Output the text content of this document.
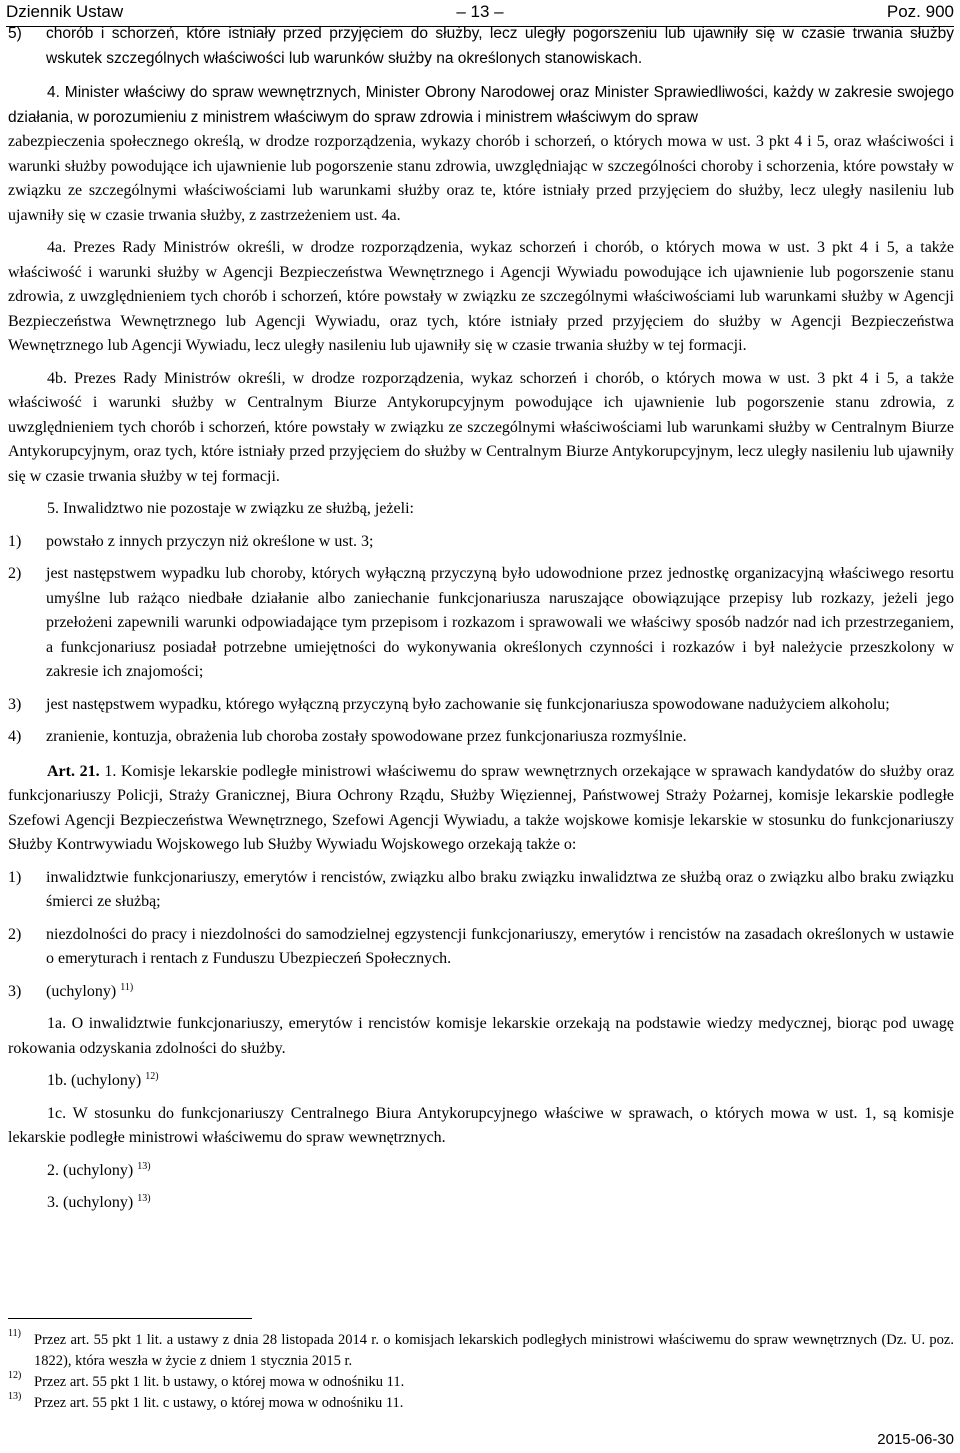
Dziennik Ustaw	– 13 –	Poz. 900
5) chorób i schorzeń, które istniały przed przyjęciem do służby, lecz uległy pogorszeniu lub ujawniły się w czasie trwania służby wskutek szczególnych właściwości lub warunków służby na określonych stanowiskach.

4. Minister właściwy do spraw wewnętrznych, Minister Obrony Narodowej oraz Minister Sprawiedliwości, każdy w zakresie swojego działania, w porozumieniu z ministrem właściwym do spraw zdrowia i ministrem właściwym do spraw

zabezpieczenia społecznego określą, w drodze rozporządzenia, wykazy chorób i schorzeń, o których mowa w ust. 3 pkt 4 i 5, oraz właściwości i warunki służby powodujące ich ujawnienie lub pogorszenie stanu zdrowia, uwzględniając w szczególności choroby i schorzenia, które powstały w związku ze szczególnymi właściwościami lub warunkami służby oraz te, które istniały przed przyjęciem do służby, lecz uległy nasileniu lub ujawniły się w czasie trwania służby, z zastrzeżeniem ust. 4a.

4a. Prezes Rady Ministrów określi, w drodze rozporządzenia, wykaz schorzeń i chorób, o których mowa w ust. 3 pkt 4 i 5, a także właściwość i warunki służby w Agencji Bezpieczeństwa Wewnętrznego i Agencji Wywiadu powodujące ich ujawnienie lub pogorszenie stanu zdrowia, z uwzględnieniem tych chorób i schorzeń, które powstały w związku ze szczególnymi właściwościami lub warunkami służby w Agencji Bezpieczeństwa Wewnętrznego lub Agencji Wywiadu, oraz tych, które istniały przed przyjęciem do służby w Agencji Bezpieczeństwa Wewnętrznego lub Agencji Wywiadu, lecz uległy nasileniu lub ujawniły się w czasie trwania służby w tej formacji.

4b. Prezes Rady Ministrów określi, w drodze rozporządzenia, wykaz schorzeń i chorób, o których mowa w ust. 3 pkt 4 i 5, a także właściwość i warunki służby w Centralnym Biurze Antykorupcyjnym powodujące ich ujawnienie lub pogorszenie stanu zdrowia, z uwzględnieniem tych chorób i schorzeń, które powstały w związku ze szczególnymi właściwościami lub warunkami służby w Centralnym Biurze Antykorupcyjnym, oraz tych, które istniały przed przyjęciem do służby w Centralnym Biurze Antykorupcyjnym, lecz uległy nasileniu lub ujawniły się w czasie trwania służby w tej formacji.

5. Inwalidztwo nie pozostaje w związku ze służbą, jeżeli:

1) powstało z innych przyczyn niż określone w ust. 3;
2) jest następstwem wypadku lub choroby, których wyłączną przyczyną było udowodnione przez jednostkę organizacyjną właściwego resortu umyślne lub rażąco niedbałe działanie albo zaniechanie funkcjonariusza naruszające obowiązujące przepisy lub rozkazy, jeżeli jego przełożeni zapewnili warunki odpowiadające tym przepisom i rozkazom i sprawowali we właściwy sposób nadzór nad ich przestrzeganiem, a funkcjonariusz posiadał potrzebne umiejętności do wykonywania określonych czynności i rozkazów i był należycie przeszkolony w zakresie ich znajomości;
3) jest następstwem wypadku, którego wyłączną przyczyną było zachowanie się funkcjonariusza spowodowane nadużyciem alkoholu;
4) zranienie, kontuzja, obrażenia lub choroba zostały spowodowane przez funkcjonariusza rozmyślnie.

Art. 21. 1. Komisje lekarskie podległe ministrowi właściwemu do spraw wewnętrznych orzekające w sprawach kandydatów do służby oraz funkcjonariuszy Policji, Straży Granicznej, Biura Ochrony Rządu, Służby Więziennej, Państwowej Straży Pożarnej, komisje lekarskie podległe Szefowi Agencji Bezpieczeństwa Wewnętrznego, Szefowi Agencji Wywiadu, a także wojskowe komisje lekarskie w stosunku do funkcjonariuszy Służby Kontrwywiadu Wojskowego lub Służby Wywiadu Wojskowego orzekają także o:

1) inwalidztwie funkcjonariuszy, emerytów i rencistów, związku albo braku związku inwalidztwa ze służbą oraz o związku albo braku związku śmierci ze służbą;
2) niezdolności do pracy i niezdolności do samodzielnej egzystencji funkcjonariuszy, emerytów i rencistów na zasadach określonych w ustawie o emeryturach i rentach z Funduszu Ubezpieczeń Społecznych.
3) (uchylony) $^{11)}$

1a. O inwalidztwie funkcjonariuszy, emerytów i rencistów komisje lekarskie orzekają na podstawie wiedzy medycznej, biorąc pod uwagę rokowania odzyskania zdolności do służby.

1b. (uchylony) $^{12)}$

1c. W stosunku do funkcjonariuszy Centralnego Biura Antykorupcyjnego właściwe w sprawach, o których mowa w ust. 1, są komisje lekarskie podległe ministrowi właściwemu do spraw wewnętrznych.

2. (uchylony) $^{13)}$

3. (uchylony) $^{13)}$

11) Przez art. 55 pkt 1 lit. a ustawy z dnia 28 listopada 2014 r. o komisjach lekarskich podległych ministrowi właściwemu do spraw wewnętrznych (Dz. U. poz. 1822), która weszła w życie z dniem 1 stycznia 2015 r.
12) Przez art. 55 pkt 1 lit. b ustawy, o której mowa w odnośniku 11.
13) Przez art. 55 pkt 1 lit. c ustawy, o której mowa w odnośniku 11.
2015-06-30
